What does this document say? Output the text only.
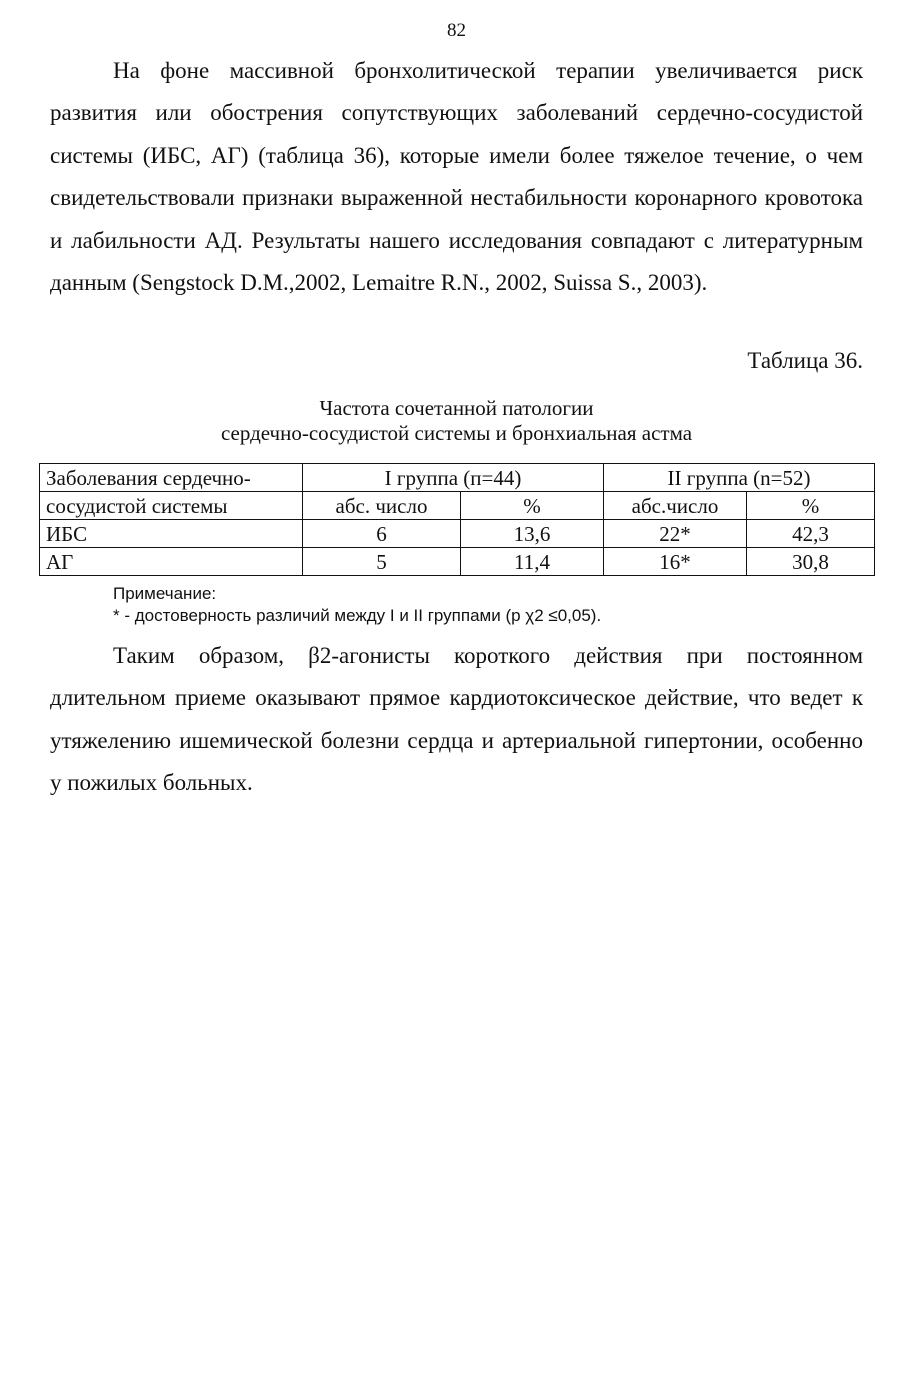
82

На фоне массивной бронхолитической терапии увеличивается риск развития или обострения сопутствующих заболеваний сердечно-сосудистой системы (ИБС, АГ) (таблица 36), которые имели более тяжелое течение, о чем свидетельствовали признаки выраженной нестабильности коронарного кровотока и лабильности АД. Результаты нашего исследования совпадают с литературным данным (Sengstock D.M.,2002, Lemaitre R.N., 2002, Suissa S., 2003).

Таблица 36.
Частота сочетанной патологии
сердечно-сосудистой системы и бронхиальная астма
Заболевания сердечно-	I группа (п=44)		II группа (n=52)	
сосудистой системы	абс. число	%	абс.число	%
ИБС	6	13,6	22*	42,3
АГ	5	11,4	16*	30,8
Примечание:
* - достоверность различий между I и II группами (р χ2 ≤0,05).

Таким образом, β2-агонисты короткого действия при постоянном длительном приеме оказывают прямое кардиотоксическое действие, что ведет к утяжелению ишемической болезни сердца и артериальной гипертонии, особенно у пожилых больных.
